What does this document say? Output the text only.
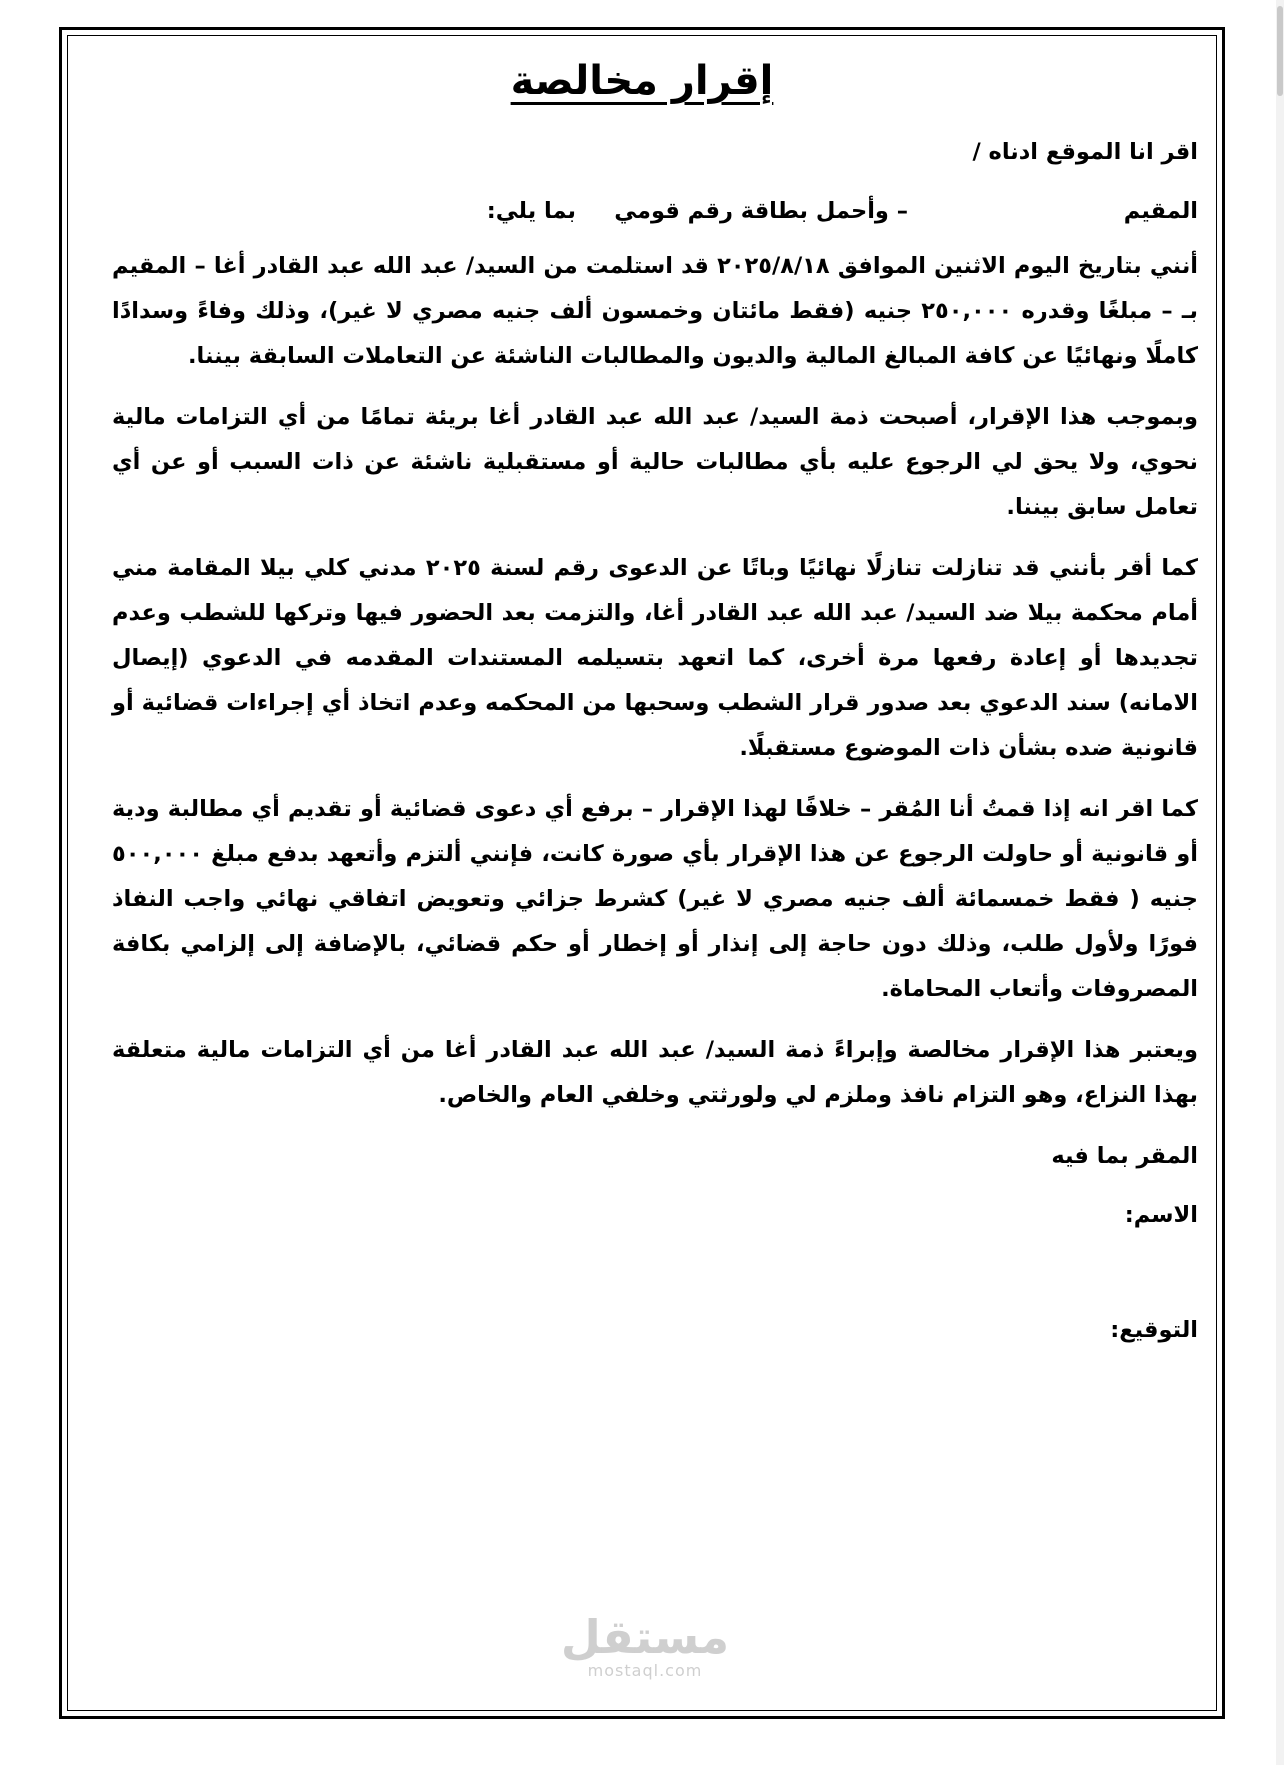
إقرار مخالصة

اقر انا الموقع ادناه /

المقيم
– وأحمل بطاقة رقم قومي
بما يلي:

أنني بتاريخ اليوم الاثنين الموافق ٢٠٢٥/٨/١٨ قد استلمت من السيد/ عبد الله عبد القادر أغا – المقيم بـ – مبلغًا وقدره ٢٥٠,٠٠٠ جنيه (فقط مائتان وخمسون ألف جنيه مصري لا غير)، وذلك وفاءً وسدادًا كاملًا ونهائيًا عن كافة المبالغ المالية والديون والمطالبات الناشئة عن التعاملات السابقة بيننا.

وبموجب هذا الإقرار، أصبحت ذمة السيد/ عبد الله عبد القادر أغا بريئة تمامًا من أي التزامات مالية نحوي، ولا يحق لي الرجوع عليه بأي مطالبات حالية أو مستقبلية ناشئة عن ذات السبب أو عن أي تعامل سابق بيننا.

كما أقر بأنني قد تنازلت تنازلًا نهائيًا وباتًا عن الدعوى رقم لسنة ٢٠٢٥ مدني كلي بيلا المقامة مني أمام محكمة بيلا ضد السيد/ عبد الله عبد القادر أغا، والتزمت بعد الحضور فيها وتركها للشطب وعدم تجديدها أو إعادة رفعها مرة أخرى، كما اتعهد بتسيلمه المستندات المقدمه في الدعوي (إيصال الامانه) سند الدعوي بعد صدور قرار الشطب وسحبها من المحكمه وعدم اتخاذ أي إجراءات قضائية أو قانونية ضده بشأن ذات الموضوع مستقبلًا.

كما اقر انه إذا قمتُ أنا المُقر – خلافًا لهذا الإقرار – برفع أي دعوى قضائية أو تقديم أي مطالبة ودية أو قانونية أو حاولت الرجوع عن هذا الإقرار بأي صورة كانت، فإنني ألتزم وأتعهد بدفع مبلغ ٥٠٠,٠٠٠ جنيه ( فقط خمسمائة ألف جنيه مصري لا غير) كشرط جزائي وتعويض اتفاقي نهائي واجب النفاذ فورًا ولأول طلب، وذلك دون حاجة إلى إنذار أو إخطار أو حكم قضائي، بالإضافة إلى إلزامي بكافة المصروفات وأتعاب المحاماة.

ويعتبر هذا الإقرار مخالصة وإبراءً ذمة السيد/ عبد الله عبد القادر أغا من أي التزامات مالية متعلقة بهذا النزاع، وهو التزام نافذ وملزم لي ولورثتي وخلفي العام والخاص.

المقر بما فيه

الاسم:

التوقيع:

مستقل
mostaql.com
